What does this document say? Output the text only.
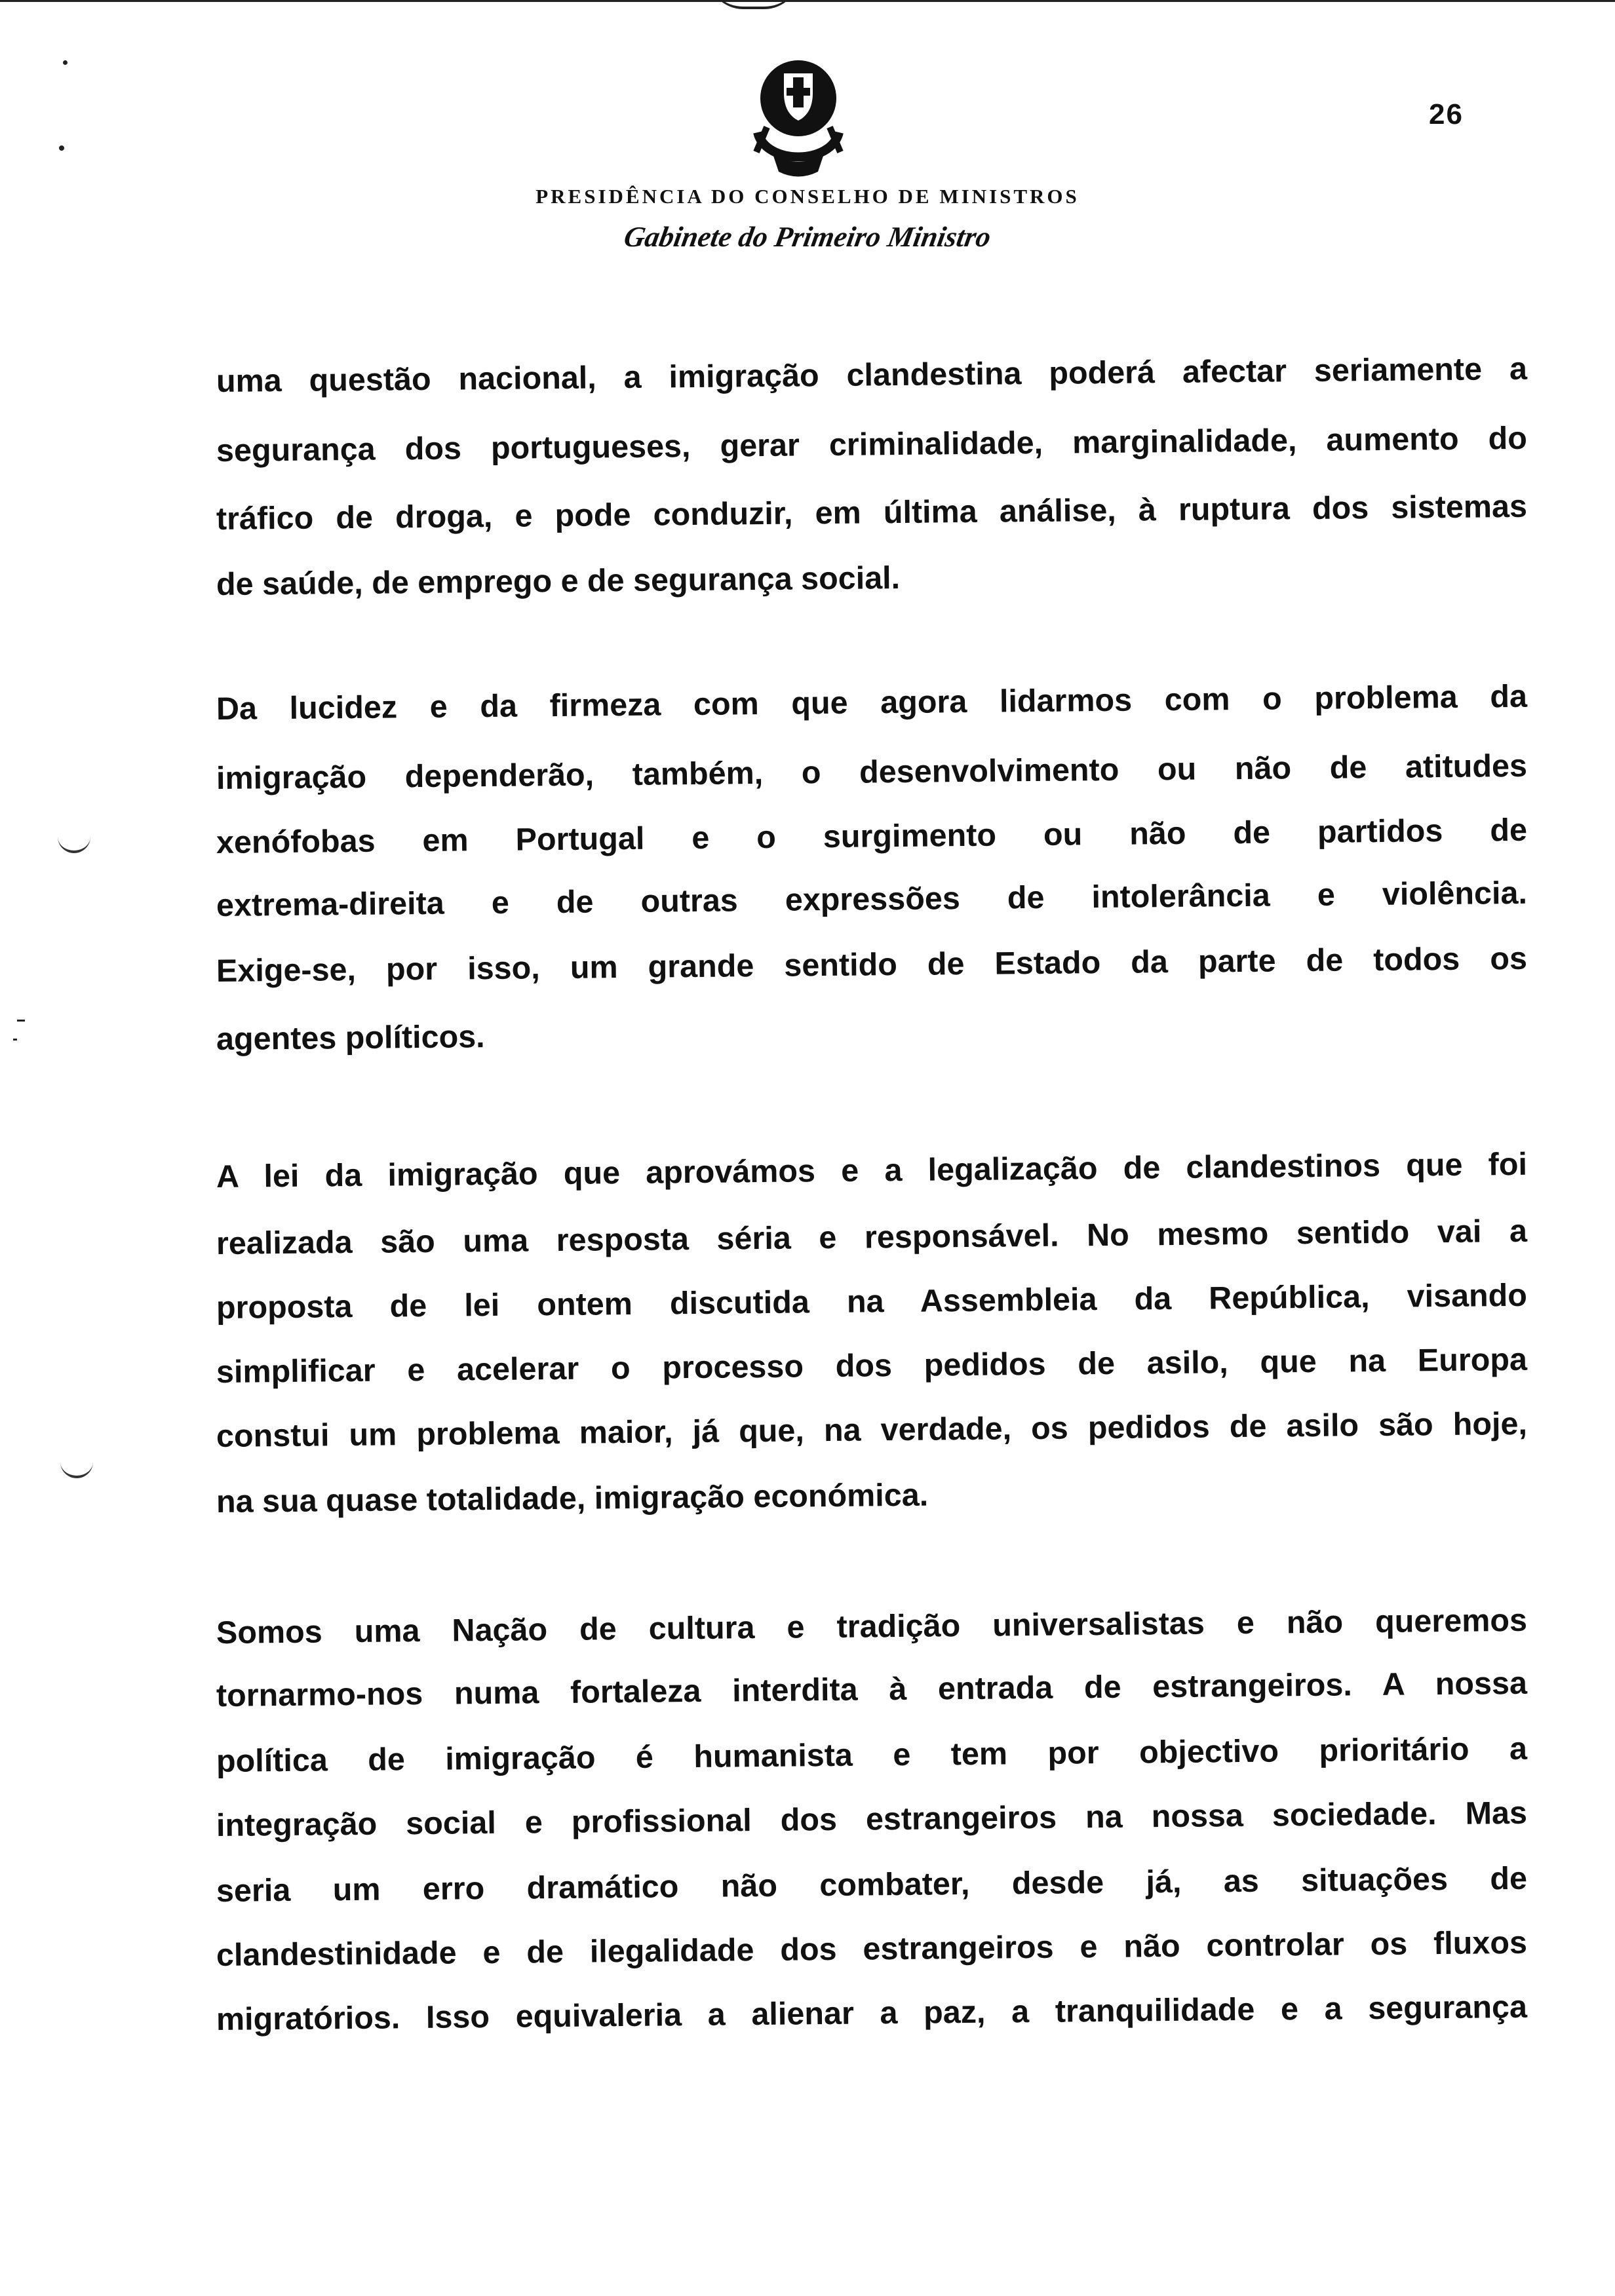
26
PRESIDÊNCIA DO CONSELHO DE MINISTROS
Gabinete do Primeiro Ministro
uma questão nacional, a imigração clandestina poderá afectar seriamente a
segurança dos portugueses, gerar criminalidade, marginalidade, aumento do
tráfico de droga, e pode conduzir, em última análise, à ruptura dos sistemas
de saúde, de emprego e de segurança social.
Da lucidez e da firmeza com que agora lidarmos com o problema da
imigração dependerão, também, o desenvolvimento ou não de atitudes
xenófobas em Portugal e o surgimento ou não de partidos de
extrema-direita e de outras expressões de intolerância e violência.
Exige-se, por isso, um grande sentido de Estado da parte de todos os
agentes políticos.
A lei da imigração que aprovámos e a legalização de clandestinos que foi
realizada são uma resposta séria e responsável. No mesmo sentido vai a
proposta de lei ontem discutida na Assembleia da República, visando
simplificar e acelerar o processo dos pedidos de asilo, que na Europa
constui um problema maior, já que, na verdade, os pedidos de asilo são hoje,
na sua quase totalidade, imigração económica.
Somos uma Nação de cultura e tradição universalistas e não queremos
tornarmo-nos numa fortaleza interdita à entrada de estrangeiros. A nossa
política de imigração é humanista e tem por objectivo prioritário a
integração social e profissional dos estrangeiros na nossa sociedade. Mas
seria um erro dramático não combater, desde já, as situações de
clandestinidade e de ilegalidade dos estrangeiros e não controlar os fluxos
migratórios. Isso equivaleria a alienar a paz, a tranquilidade e a segurança
